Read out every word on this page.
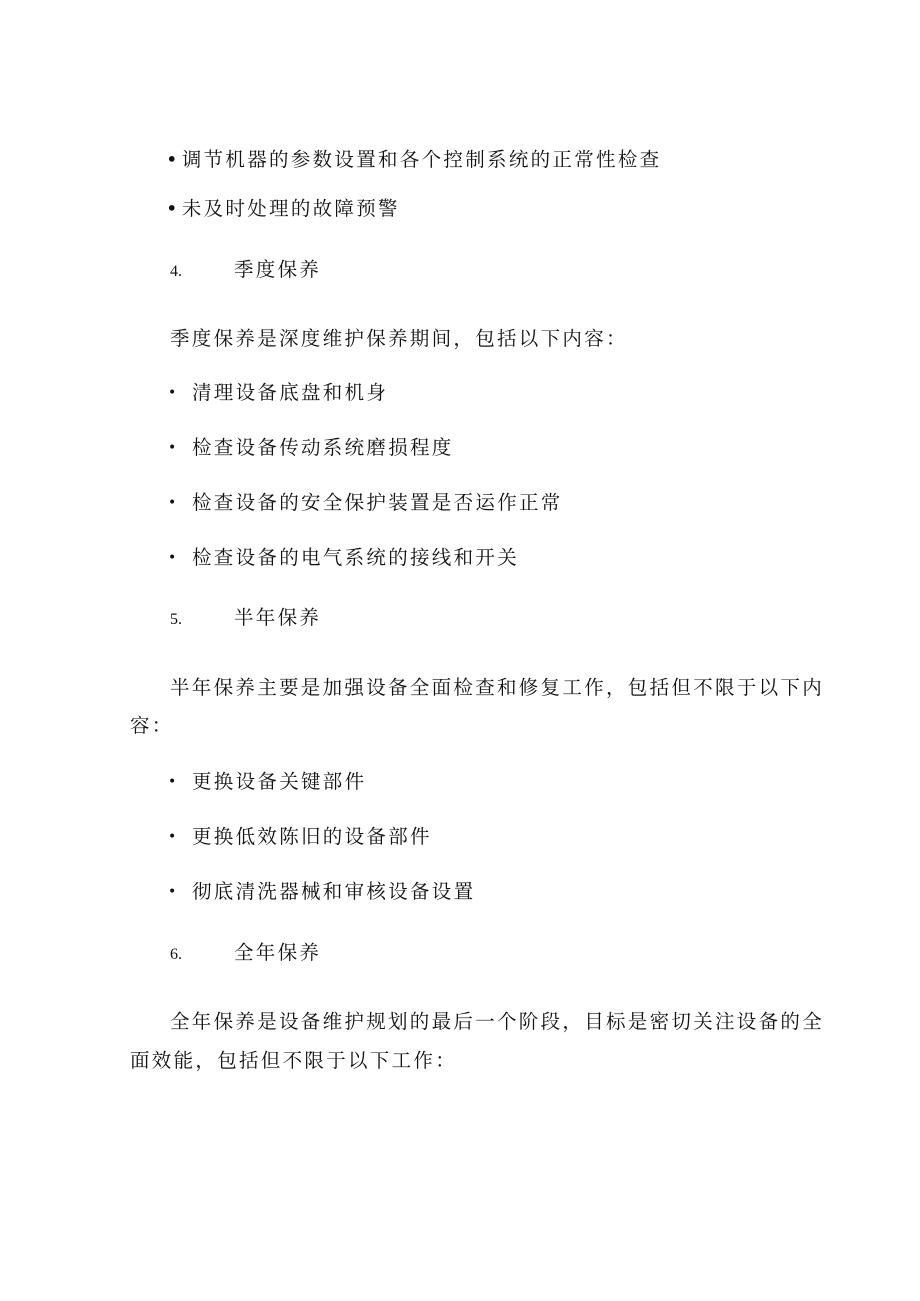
• 调节机器的参数设置和各个控制系统的正常性检查
• 未及时处理的故障预警
4.	季度保养
季度保养是深度维护保养期间，包括以下内容：
• 清理设备底盘和机身
• 检查设备传动系统磨损程度
• 检查设备的安全保护装置是否运作正常
• 检查设备的电气系统的接线和开关
5.	半年保养
半年保养主要是加强设备全面检查和修复工作，包括但不限于以下内
容：
• 更换设备关键部件
• 更换低效陈旧的设备部件
• 彻底清洗器械和审核设备设置
6.	全年保养
全年保养是设备维护规划的最后一个阶段，目标是密切关注设备的全
面效能，包括但不限于以下工作：
